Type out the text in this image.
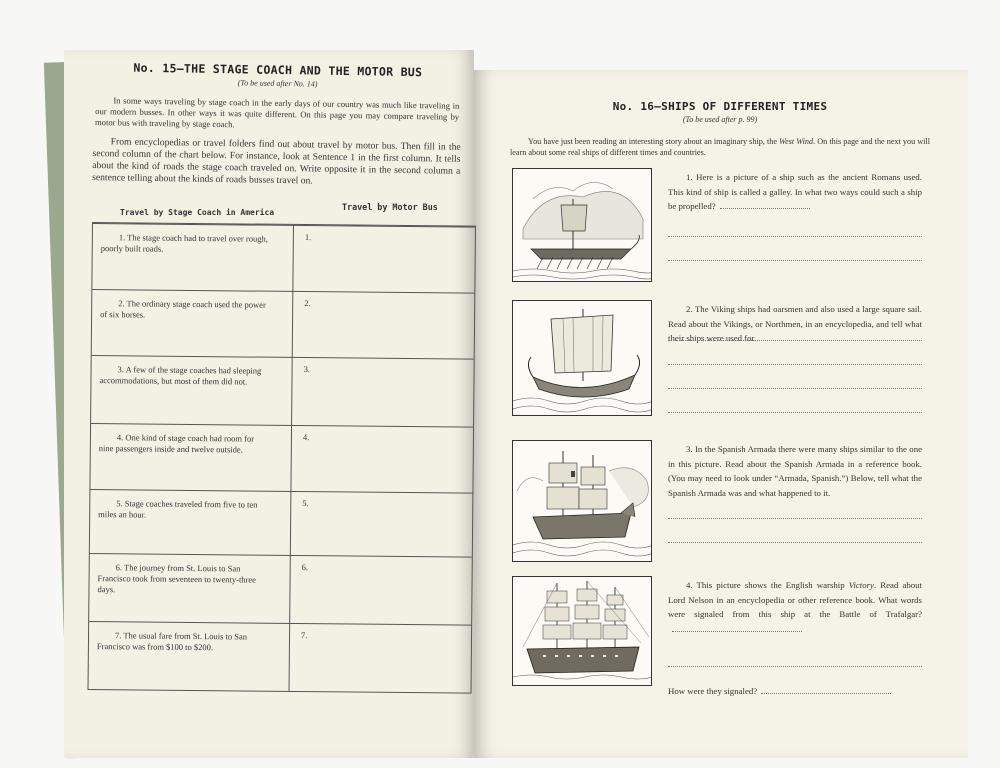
No. 15—THE STAGE COACH AND THE MOTOR BUS
(To be used after No. 14)

In some ways traveling by stage coach in the early days of our country was much like traveling in our modern busses. In other ways it was quite different. On this page you may compare traveling by motor bus with traveling by stage coach.

From encyclopedias or travel folders find out about travel by motor bus. Then fill in the second column of the chart below. For instance, look at Sentence 1 in the first column. It tells about the kind of roads the stage coach traveled on. Write opposite it in the second column a sentence telling about the kinds of roads busses travel on.

Travel by Stage Coach in America
Travel by Motor Bus
1. The stage coach had to travel over rough, poorly built roads.
1.
2. The ordinary stage coach used the power of six horses.
2.
3. A few of the stage coaches had sleeping accommodations, but most of them did not.
3.
4. One kind of stage coach had room for nine passengers inside and twelve outside.
4.
5. Stage coaches traveled from five to ten miles an hour.
5.
6. The journey from St. Louis to San Francisco took from seventeen to twenty-three days.
6.
7. The usual fare from St. Louis to San Francisco was from $100 to $200.
7.
No. 16—SHIPS OF DIFFERENT TIMES
(To be used after p. 99)

You have just been reading an interesting story about an imaginary ship, the West Wind. On this page and the next you will learn about some real ships of different times and countries.

1. Here is a picture of a ship such as the ancient Romans used. This kind of ship is called a galley. In what two ways could such a ship be propelled?
2. The Viking ships had oarsmen and also used a large square sail. Read about the Vikings, or Northmen, in an encyclopedia, and tell what their ships were used for.
3. In the Spanish Armada there were many ships similar to the one in this picture. Read about the Spanish Armada in a reference book. (You may need to look under “Armada, Spanish.”) Below, tell what the Spanish Armada was and what happened to it.
4. This picture shows the English warship Victory. Read about Lord Nelson in an encyclopedia or other reference book. What words were signaled from this ship at the Battle of Trafalgar?
How were they signaled?
